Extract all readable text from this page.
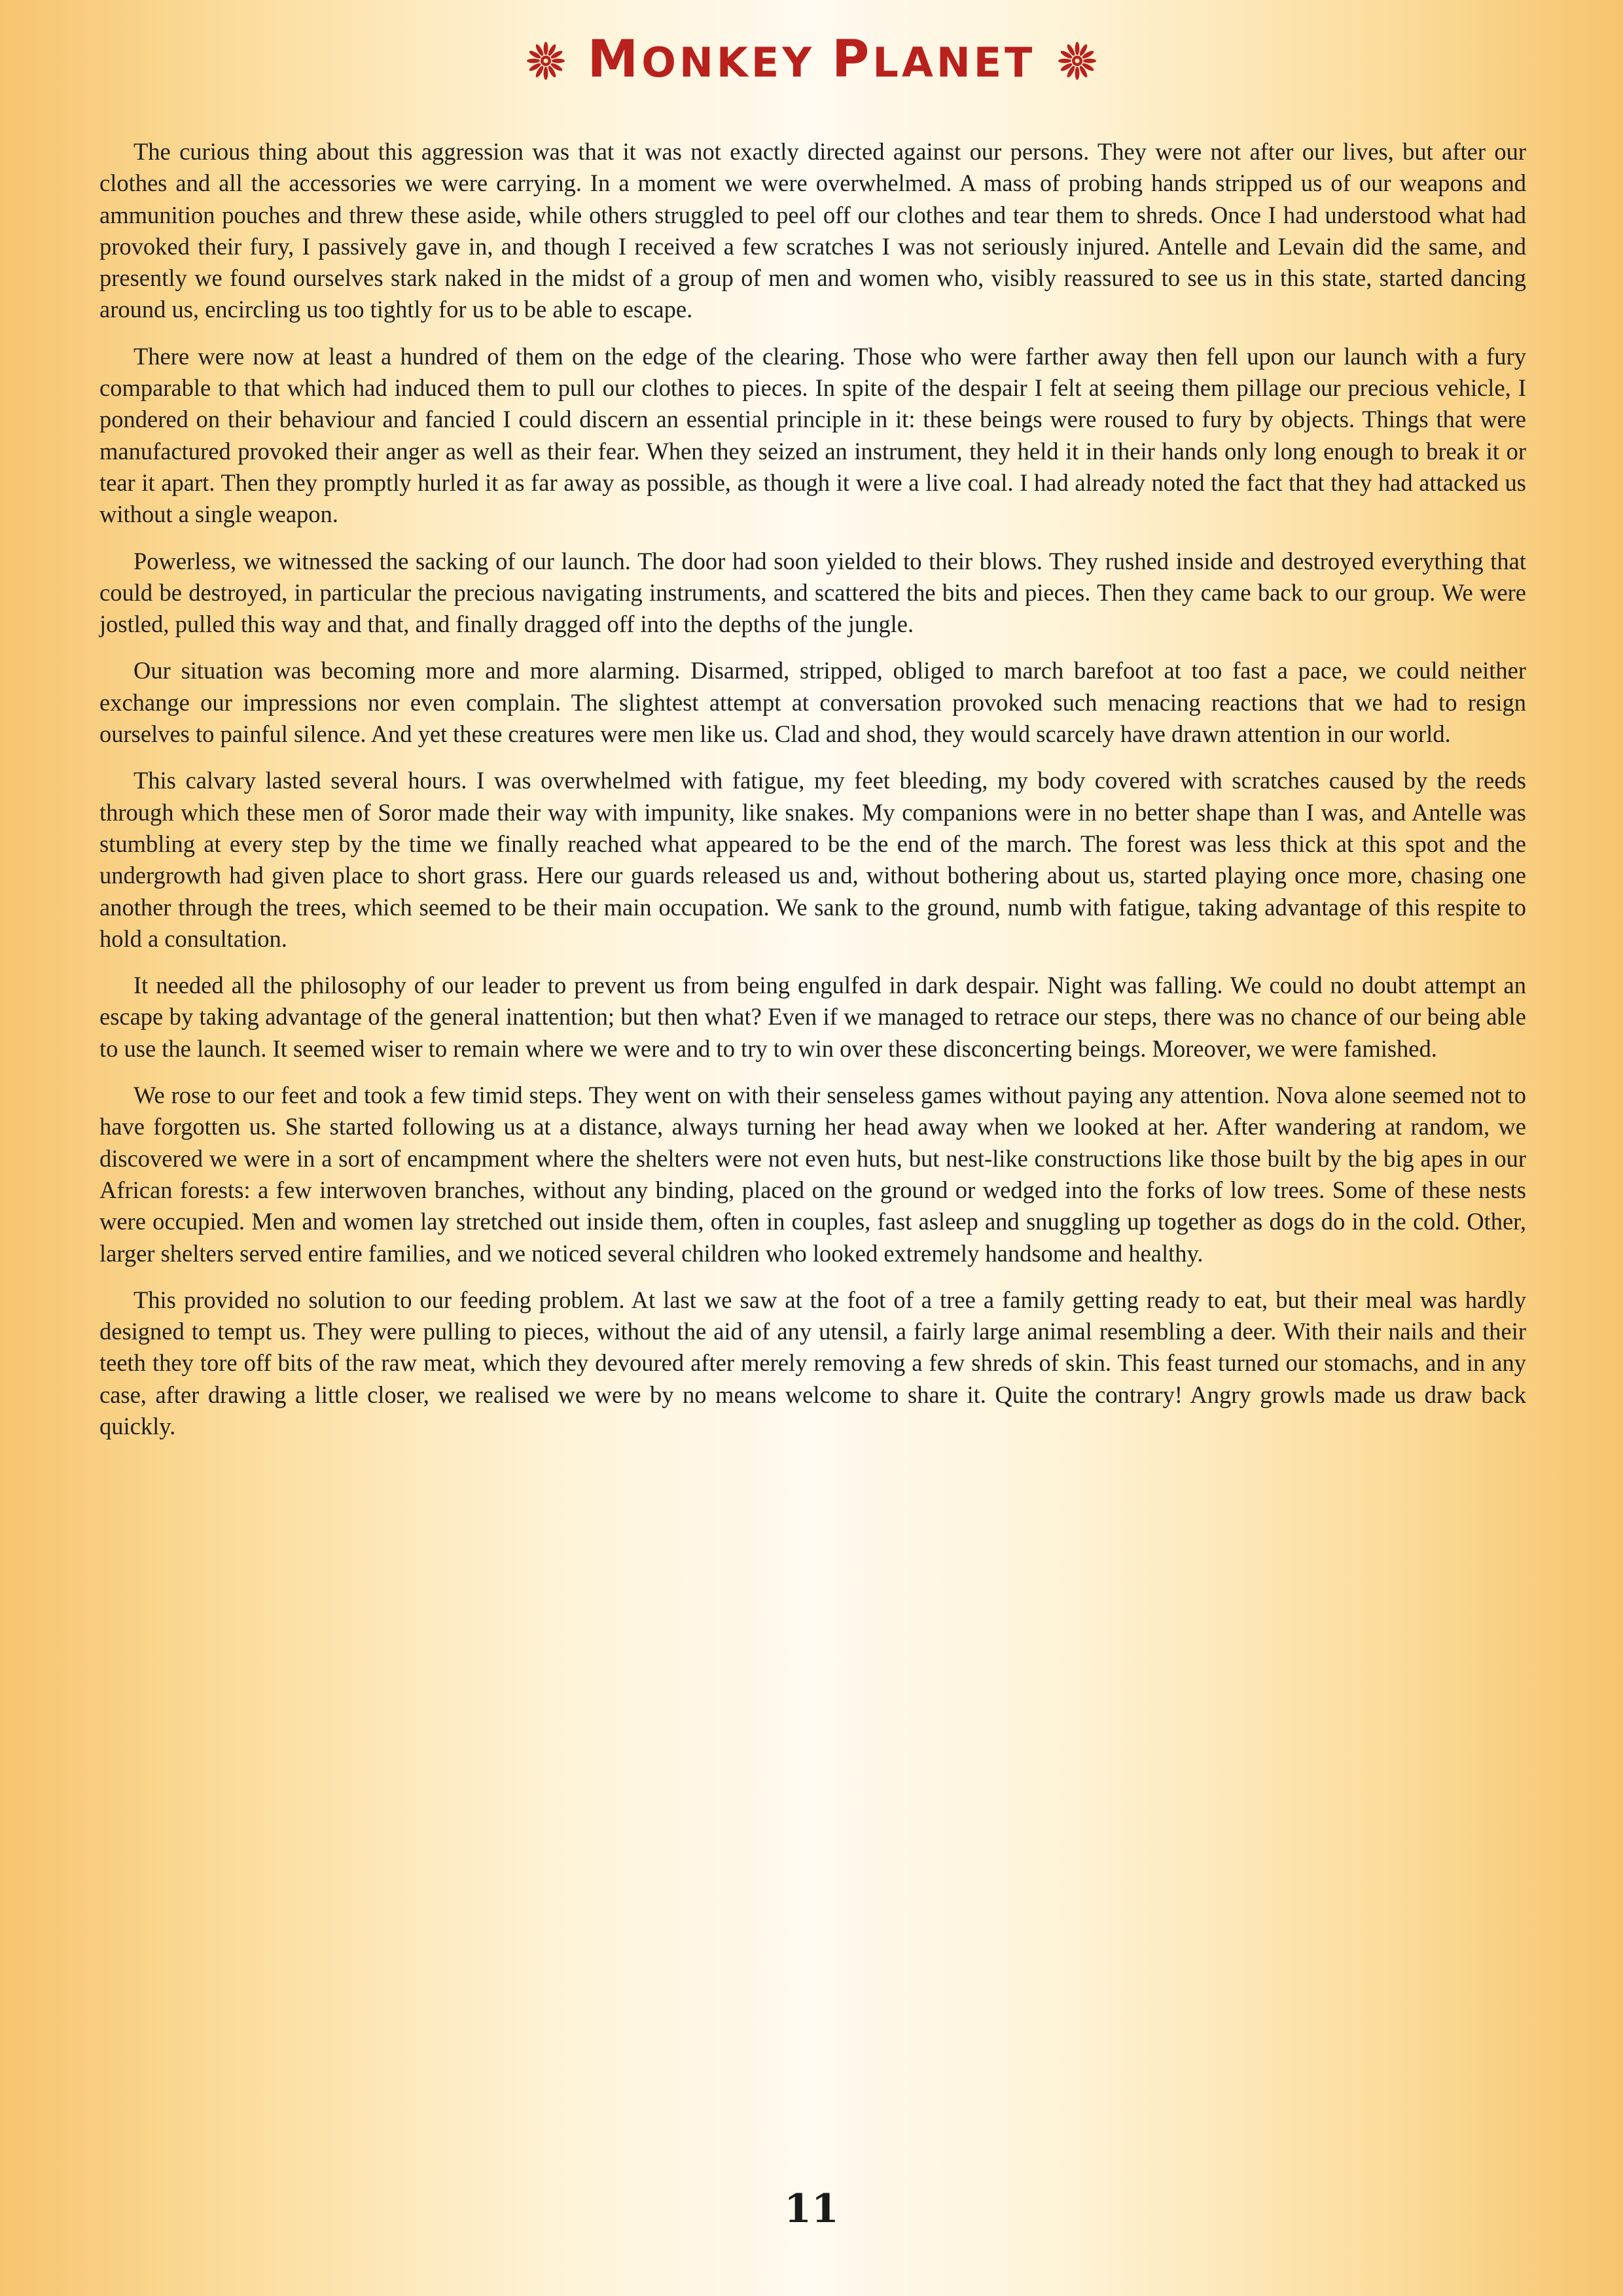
MONKEY PLANET

The curious thing about this aggression was that it was not exactly directed against our persons. They were not after our lives, but after our clothes and all the accessories we were carrying. In a moment we were overwhelmed. A mass of probing hands stripped us of our weapons and ammunition pouches and threw these aside, while others struggled to peel off our clothes and tear them to shreds. Once I had understood what had provoked their fury, I passively gave in, and though I received a few scratches I was not seriously injured. Antelle and Levain did the same, and presently we found ourselves stark naked in the midst of a group of men and women who, visibly reassured to see us in this state, started dancing around us, encircling us too tightly for us to be able to escape.

There were now at least a hundred of them on the edge of the clearing. Those who were farther away then fell upon our launch with a fury comparable to that which had induced them to pull our clothes to pieces. In spite of the despair I felt at seeing them pillage our precious vehicle, I pondered on their behaviour and fancied I could discern an essential principle in it: these beings were roused to fury by objects. Things that were manufactured provoked their anger as well as their fear. When they seized an instrument, they held it in their hands only long enough to break it or tear it apart. Then they promptly hurled it as far away as possible, as though it were a live coal. I had already noted the fact that they had attacked us without a single weapon.

Powerless, we witnessed the sacking of our launch. The door had soon yielded to their blows. They rushed inside and destroyed everything that could be destroyed, in particular the precious navigating instruments, and scattered the bits and pieces. Then they came back to our group. We were jostled, pulled this way and that, and finally dragged off into the depths of the jungle.

Our situation was becoming more and more alarming. Disarmed, stripped, obliged to march barefoot at too fast a pace, we could neither exchange our impressions nor even complain. The slightest attempt at conversation provoked such menacing reactions that we had to resign ourselves to painful silence. And yet these creatures were men like us. Clad and shod, they would scarcely have drawn attention in our world.

This calvary lasted several hours. I was overwhelmed with fatigue, my feet bleeding, my body covered with scratches caused by the reeds through which these men of Soror made their way with impunity, like snakes. My companions were in no better shape than I was, and Antelle was stumbling at every step by the time we finally reached what appeared to be the end of the march. The forest was less thick at this spot and the undergrowth had given place to short grass. Here our guards released us and, without bothering about us, started playing once more, chasing one another through the trees, which seemed to be their main occupation. We sank to the ground, numb with fatigue, taking advantage of this respite to hold a consultation.

It needed all the philosophy of our leader to prevent us from being engulfed in dark despair. Night was falling. We could no doubt attempt an escape by taking advantage of the general inattention; but then what? Even if we managed to retrace our steps, there was no chance of our being able to use the launch. It seemed wiser to remain where we were and to try to win over these disconcerting beings. Moreover, we were famished.

We rose to our feet and took a few timid steps. They went on with their senseless games without paying any attention. Nova alone seemed not to have forgotten us. She started following us at a distance, always turning her head away when we looked at her. After wandering at random, we discovered we were in a sort of encampment where the shelters were not even huts, but nest-like constructions like those built by the big apes in our African forests: a few interwoven branches, without any binding, placed on the ground or wedged into the forks of low trees. Some of these nests were occupied. Men and women lay stretched out inside them, often in couples, fast asleep and snuggling up together as dogs do in the cold. Other, larger shelters served entire families, and we noticed several children who looked extremely handsome and healthy.

This provided no solution to our feeding problem. At last we saw at the foot of a tree a family getting ready to eat, but their meal was hardly designed to tempt us. They were pulling to pieces, without the aid of any utensil, a fairly large animal resembling a deer. With their nails and their teeth they tore off bits of the raw meat, which they devoured after merely removing a few shreds of skin. This feast turned our stomachs, and in any case, after drawing a little closer, we realised we were by no means welcome to share it. Quite the contrary! Angry growls made us draw back quickly.

11
